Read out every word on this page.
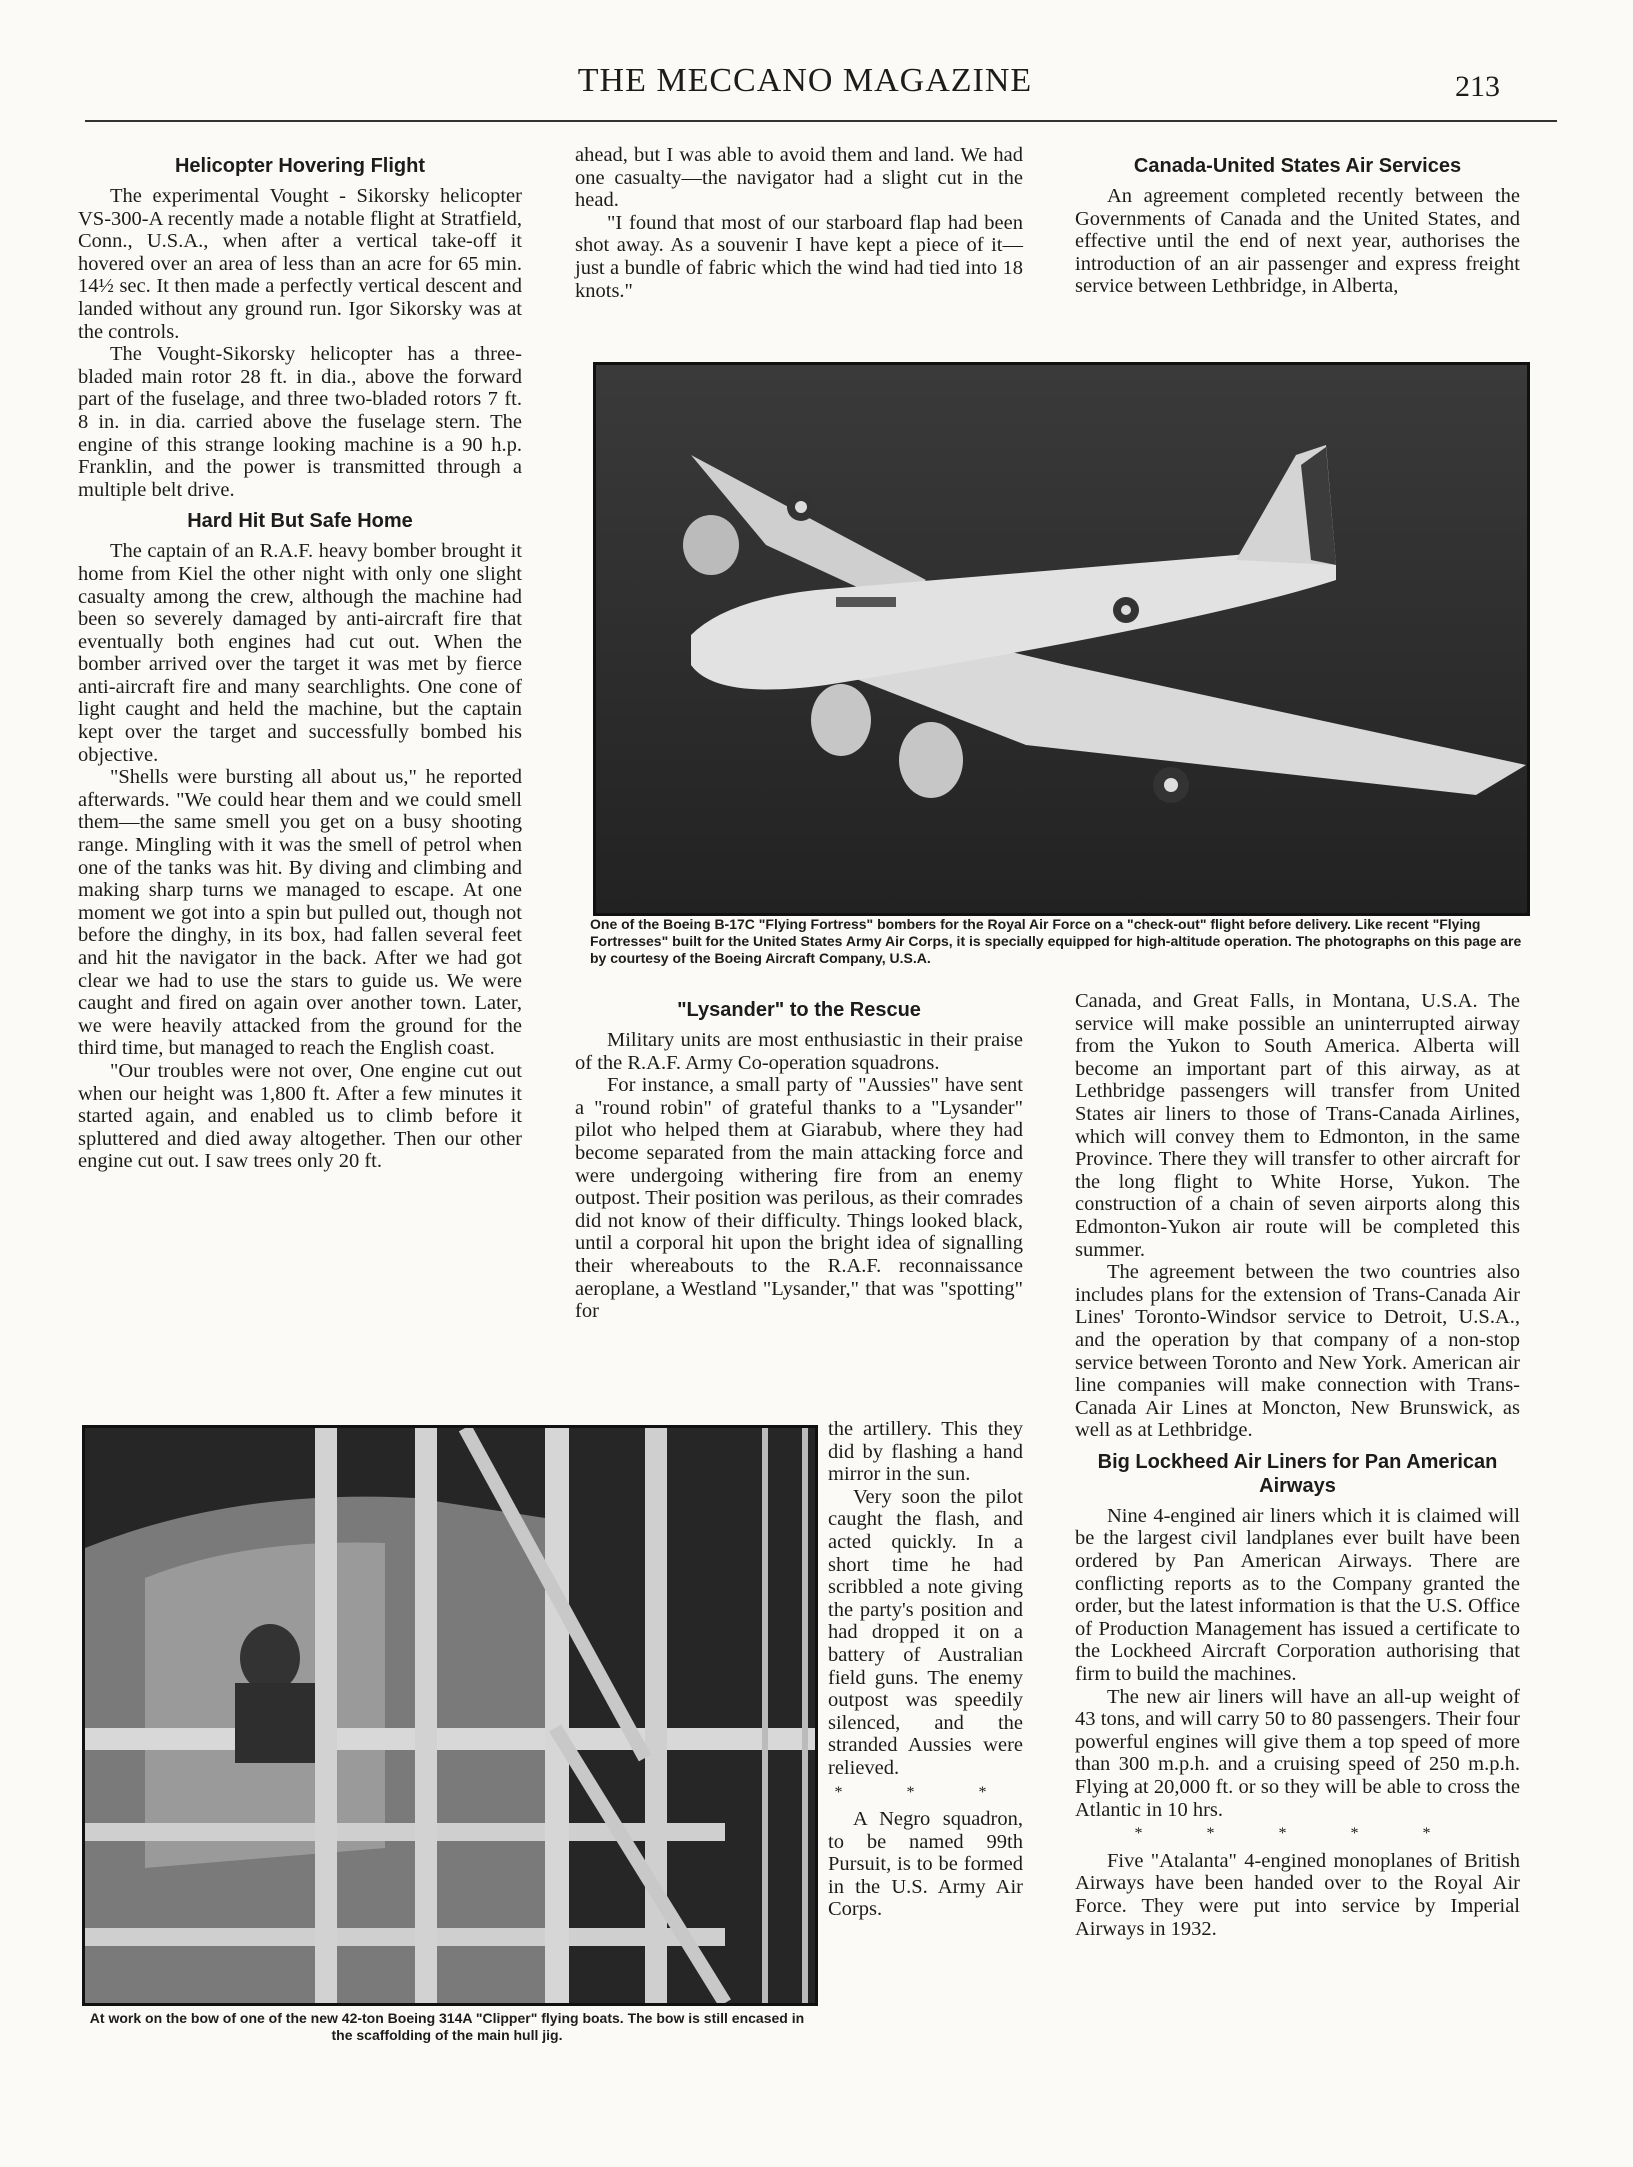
THE MECCANO MAGAZINE	213
Helicopter Hovering Flight

The experimental Vought - Sikorsky helicopter VS-300-A recently made a notable flight at Stratfield, Conn., U.S.A., when after a vertical take-off it hovered over an area of less than an acre for 65 min. 14½ sec. It then made a perfectly vertical descent and landed without any ground run. Igor Sikorsky was at the controls.

The Vought-Sikorsky helicopter has a three-bladed main rotor 28 ft. in dia., above the forward part of the fuselage, and three two-bladed rotors 7 ft. 8 in. in dia. carried above the fuselage stern. The engine of this strange looking machine is a 90 h.p. Franklin, and the power is transmitted through a multiple belt drive.

Hard Hit But Safe Home

The captain of an R.A.F. heavy bomber brought it home from Kiel the other night with only one slight casualty among the crew, although the machine had been so severely damaged by anti-aircraft fire that eventually both engines had cut out. When the bomber arrived over the target it was met by fierce anti-aircraft fire and many searchlights. One cone of light caught and held the machine, but the captain kept over the target and successfully bombed his objective.

"Shells were bursting all about us," he reported afterwards. "We could hear them and we could smell them—the same smell you get on a busy shooting range. Mingling with it was the smell of petrol when one of the tanks was hit. By diving and climbing and making sharp turns we managed to escape. At one moment we got into a spin but pulled out, though not before the dinghy, in its box, had fallen several feet and hit the navigator in the back. After we had got clear we had to use the stars to guide us. We were caught and fired on again over another town. Later, we were heavily attacked from the ground for the third time, but managed to reach the English coast.

"Our troubles were not over, One engine cut out when our height was 1,800 ft. After a few minutes it started again, and enabled us to climb before it spluttered and died away altogether. Then our other engine cut out. I saw trees only 20 ft.

ahead, but I was able to avoid them and land. We had one casualty—the navigator had a slight cut in the head.

"I found that most of our starboard flap had been shot away. As a souvenir I have kept a piece of it—just a bundle of fabric which the wind had tied into 18 knots."

Canada-United States Air Services

An agreement completed recently between the Governments of Canada and the United States, and effective until the end of next year, authorises the introduction of an air passenger and express freight service between Lethbridge, in Alberta,

One of the Boeing B-17C "Flying Fortress" bombers for the Royal Air Force on a "check-out" flight before delivery. Like recent "Flying Fortresses" built for the United States Army Air Corps, it is specially equipped for high-altitude operation. The photographs on this page are by courtesy of the Boeing Aircraft Company, U.S.A.
"Lysander" to the Rescue

Military units are most enthusiastic in their praise of the R.A.F. Army Co-operation squadrons.

For instance, a small party of "Aussies" have sent a "round robin" of grateful thanks to a "Lysander" pilot who helped them at Giarabub, where they had become separated from the main attacking force and were undergoing withering fire from an enemy outpost. Their position was perilous, as their comrades did not know of their difficulty. Things looked black, until a corporal hit upon the bright idea of signalling their whereabouts to the R.A.F. reconnaissance aeroplane, a Westland "Lysander," that was "spotting" for

the artillery. This they did by flashing a hand mirror in the sun.

Very soon the pilot caught the flash, and acted quickly. In a short time he had scribbled a note giving the party's position and had dropped it on a battery of Australian field guns. The enemy outpost was speedily silenced, and the stranded Aussies were relieved.

* * *

A Negro squadron, to be named 99th Pursuit, is to be formed in the U.S. Army Air Corps.

At work on the bow of one of the new 42-ton Boeing 314A "Clipper" flying boats. The bow is still encased in the scaffolding of the main hull jig.

Canada, and Great Falls, in Montana, U.S.A. The service will make possible an uninterrupted airway from the Yukon to South America. Alberta will become an important part of this airway, as at Lethbridge passengers will transfer from United States air liners to those of Trans-Canada Airlines, which will convey them to Edmonton, in the same Province. There they will transfer to other aircraft for the long flight to White Horse, Yukon. The construction of a chain of seven airports along this Edmonton-Yukon air route will be completed this summer.

The agreement between the two countries also includes plans for the extension of Trans-Canada Air Lines' Toronto-Windsor service to Detroit, U.S.A., and the operation by that company of a non-stop service between Toronto and New York. American air line companies will make connection with Trans-Canada Air Lines at Moncton, New Brunswick, as well as at Lethbridge.

Big Lockheed Air Liners for Pan American Airways

Nine 4-engined air liners which it is claimed will be the largest civil landplanes ever built have been ordered by Pan American Airways. There are conflicting reports as to the Company granted the order, but the latest information is that the U.S. Office of Production Management has issued a certificate to the Lockheed Aircraft Corporation authorising that firm to build the machines.

The new air liners will have an all-up weight of 43 tons, and will carry 50 to 80 passengers. Their four powerful engines will give them a top speed of more than 300 m.p.h. and a cruising speed of 250 m.p.h. Flying at 20,000 ft. or so they will be able to cross the Atlantic in 10 hrs.

* * * * *

Five "Atalanta" 4-engined monoplanes of British Airways have been handed over to the Royal Air Force. They were put into service by Imperial Airways in 1932.
